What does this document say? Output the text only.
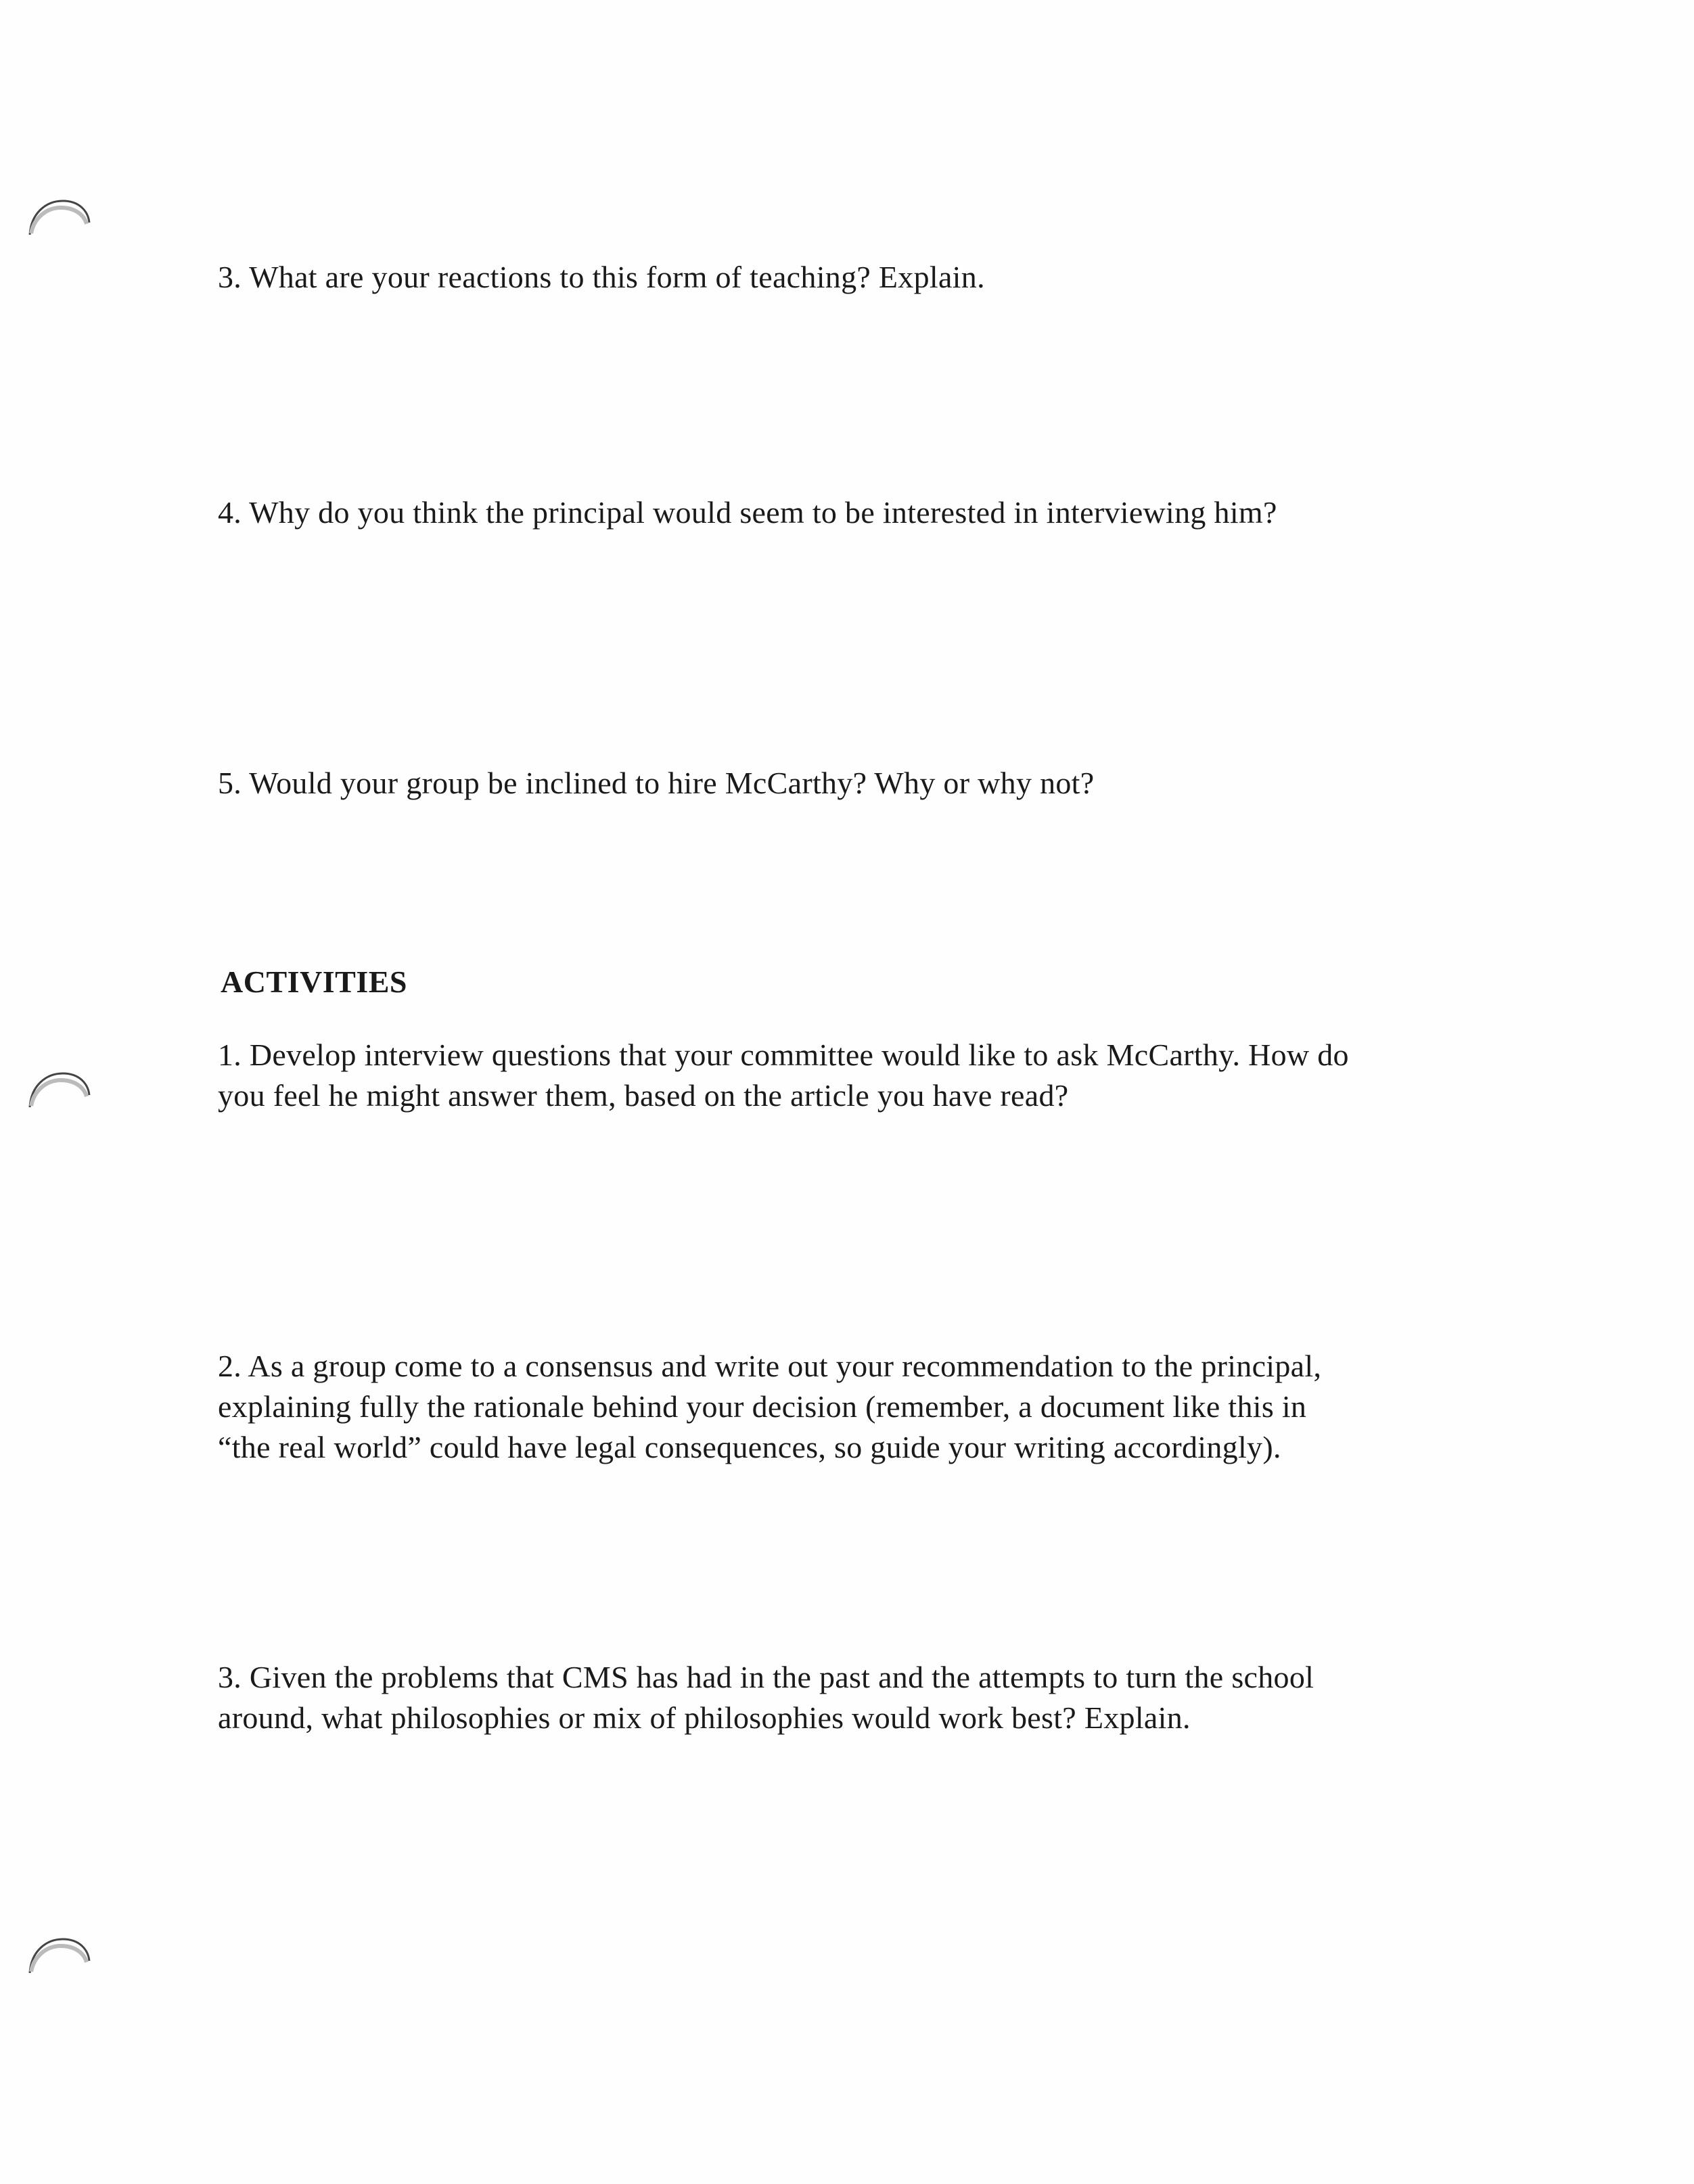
3. What are your reactions to this form of teaching? Explain.

4. Why do you think the principal would seem to be interested in interviewing him?

5. Would your group be inclined to hire McCarthy? Why or why not?

ACTIVITIES
1. Develop interview questions that your committee would like to ask McCarthy. How do
you feel he might answer them, based on the article you have read?
2. As a group come to a consensus and write out your recommendation to the principal,
explaining fully the rationale behind your decision (remember, a document like this in
“the real world” could have legal consequences, so guide your writing accordingly).
3. Given the problems that CMS has had in the past and the attempts to turn the school
around, what philosophies or mix of philosophies would work best? Explain.
